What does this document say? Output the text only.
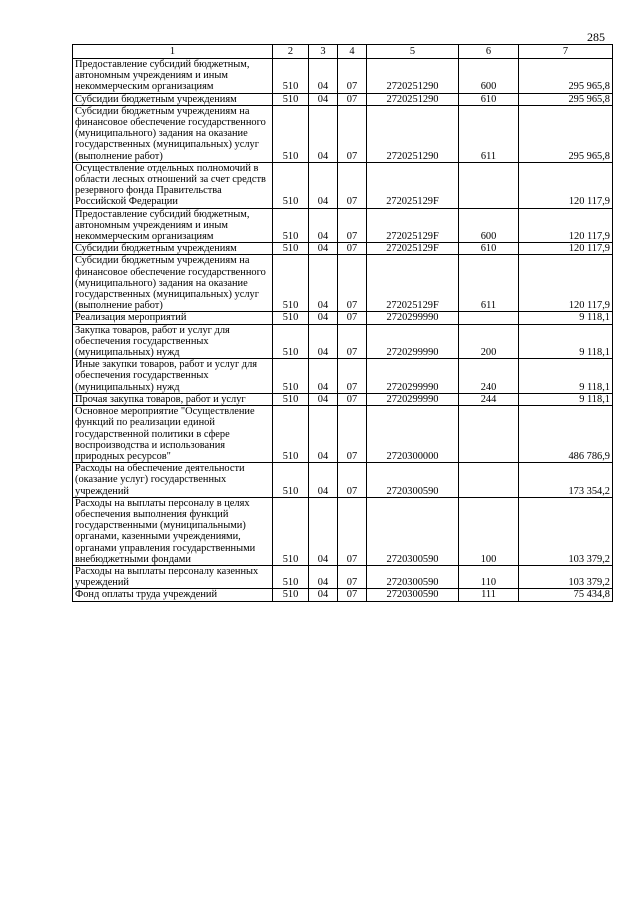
285
1	2	3	4	5	6	7
Предоставление субсидий бюджетным, автономным учреждениям и иным некоммерческим организациям	510	04	07	2720251290	600	295 965,8
Субсидии бюджетным учреждениям	510	04	07	2720251290	610	295 965,8
Субсидии бюджетным учреждениям на финансовое обеспечение государственного (муниципального) задания на оказание государственных (муниципальных) услуг (выполнение работ)	510	04	07	2720251290	611	295 965,8
Осуществление отдельных полномочий в области лесных отношений за счет средств резервного фонда Правительства Российской Федерации	510	04	07	272025129F		120 117,9
Предоставление субсидий бюджетным, автономным учреждениям и иным некоммерческим организациям	510	04	07	272025129F	600	120 117,9
Субсидии бюджетным учреждениям	510	04	07	272025129F	610	120 117,9
Субсидии бюджетным учреждениям на финансовое обеспечение государственного (муниципального) задания на оказание государственных (муниципальных) услуг (выполнение работ)	510	04	07	272025129F	611	120 117,9
Реализация мероприятий	510	04	07	2720299990		9 118,1
Закупка товаров, работ и услуг для обеспечения государственных (муниципальных) нужд	510	04	07	2720299990	200	9 118,1
Иные закупки товаров, работ и услуг для обеспечения государственных (муниципальных) нужд	510	04	07	2720299990	240	9 118,1
Прочая закупка товаров, работ и услуг	510	04	07	2720299990	244	9 118,1
Основное мероприятие "Осуществление функций по реализации единой государственной политики в сфере воспроизводства и использования природных ресурсов"	510	04	07	2720300000		486 786,9
Расходы на обеспечение деятельности (оказание услуг) государственных учреждений	510	04	07	2720300590		173 354,2
Расходы на выплаты персоналу в целях обеспечения выполнения функций государственными (муниципальными) органами, казенными учреждениями, органами управления государственными внебюджетными фондами	510	04	07	2720300590	100	103 379,2
Расходы на выплаты персоналу казенных учреждений	510	04	07	2720300590	110	103 379,2
Фонд оплаты труда учреждений	510	04	07	2720300590	111	75 434,8
